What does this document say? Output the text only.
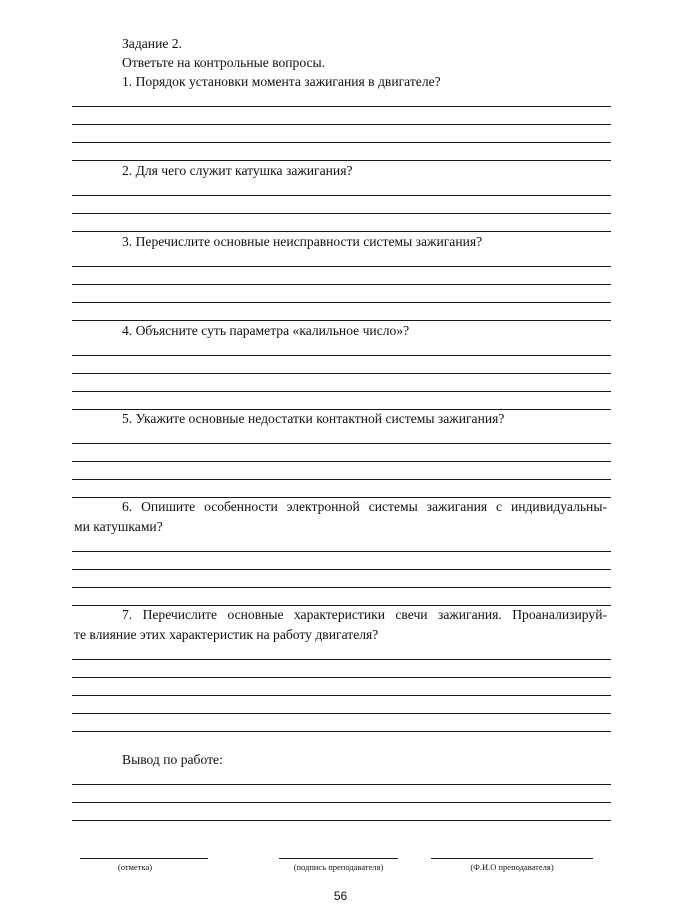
Задание 2.
Ответьте на контрольные вопросы.
1. Порядок установки момента зажигания в двигателе?
2. Для чего служит катушка зажигания?
3. Перечислите основные неисправности системы зажигания?
4. Объясните суть параметра «калильное число»?
5. Укажите основные недостатки контактной системы зажигания?
6. Опишите особенности электронной системы зажигания с индивидуальны-
ми катушками?
7. Перечислите основные характеристики свечи зажигания. Проанализируй-
те влияние этих характеристик на работу двигателя?
Вывод по работе:
(отметка)	(подпись преподавателя)	(Ф.И.О преподавателя)
56
